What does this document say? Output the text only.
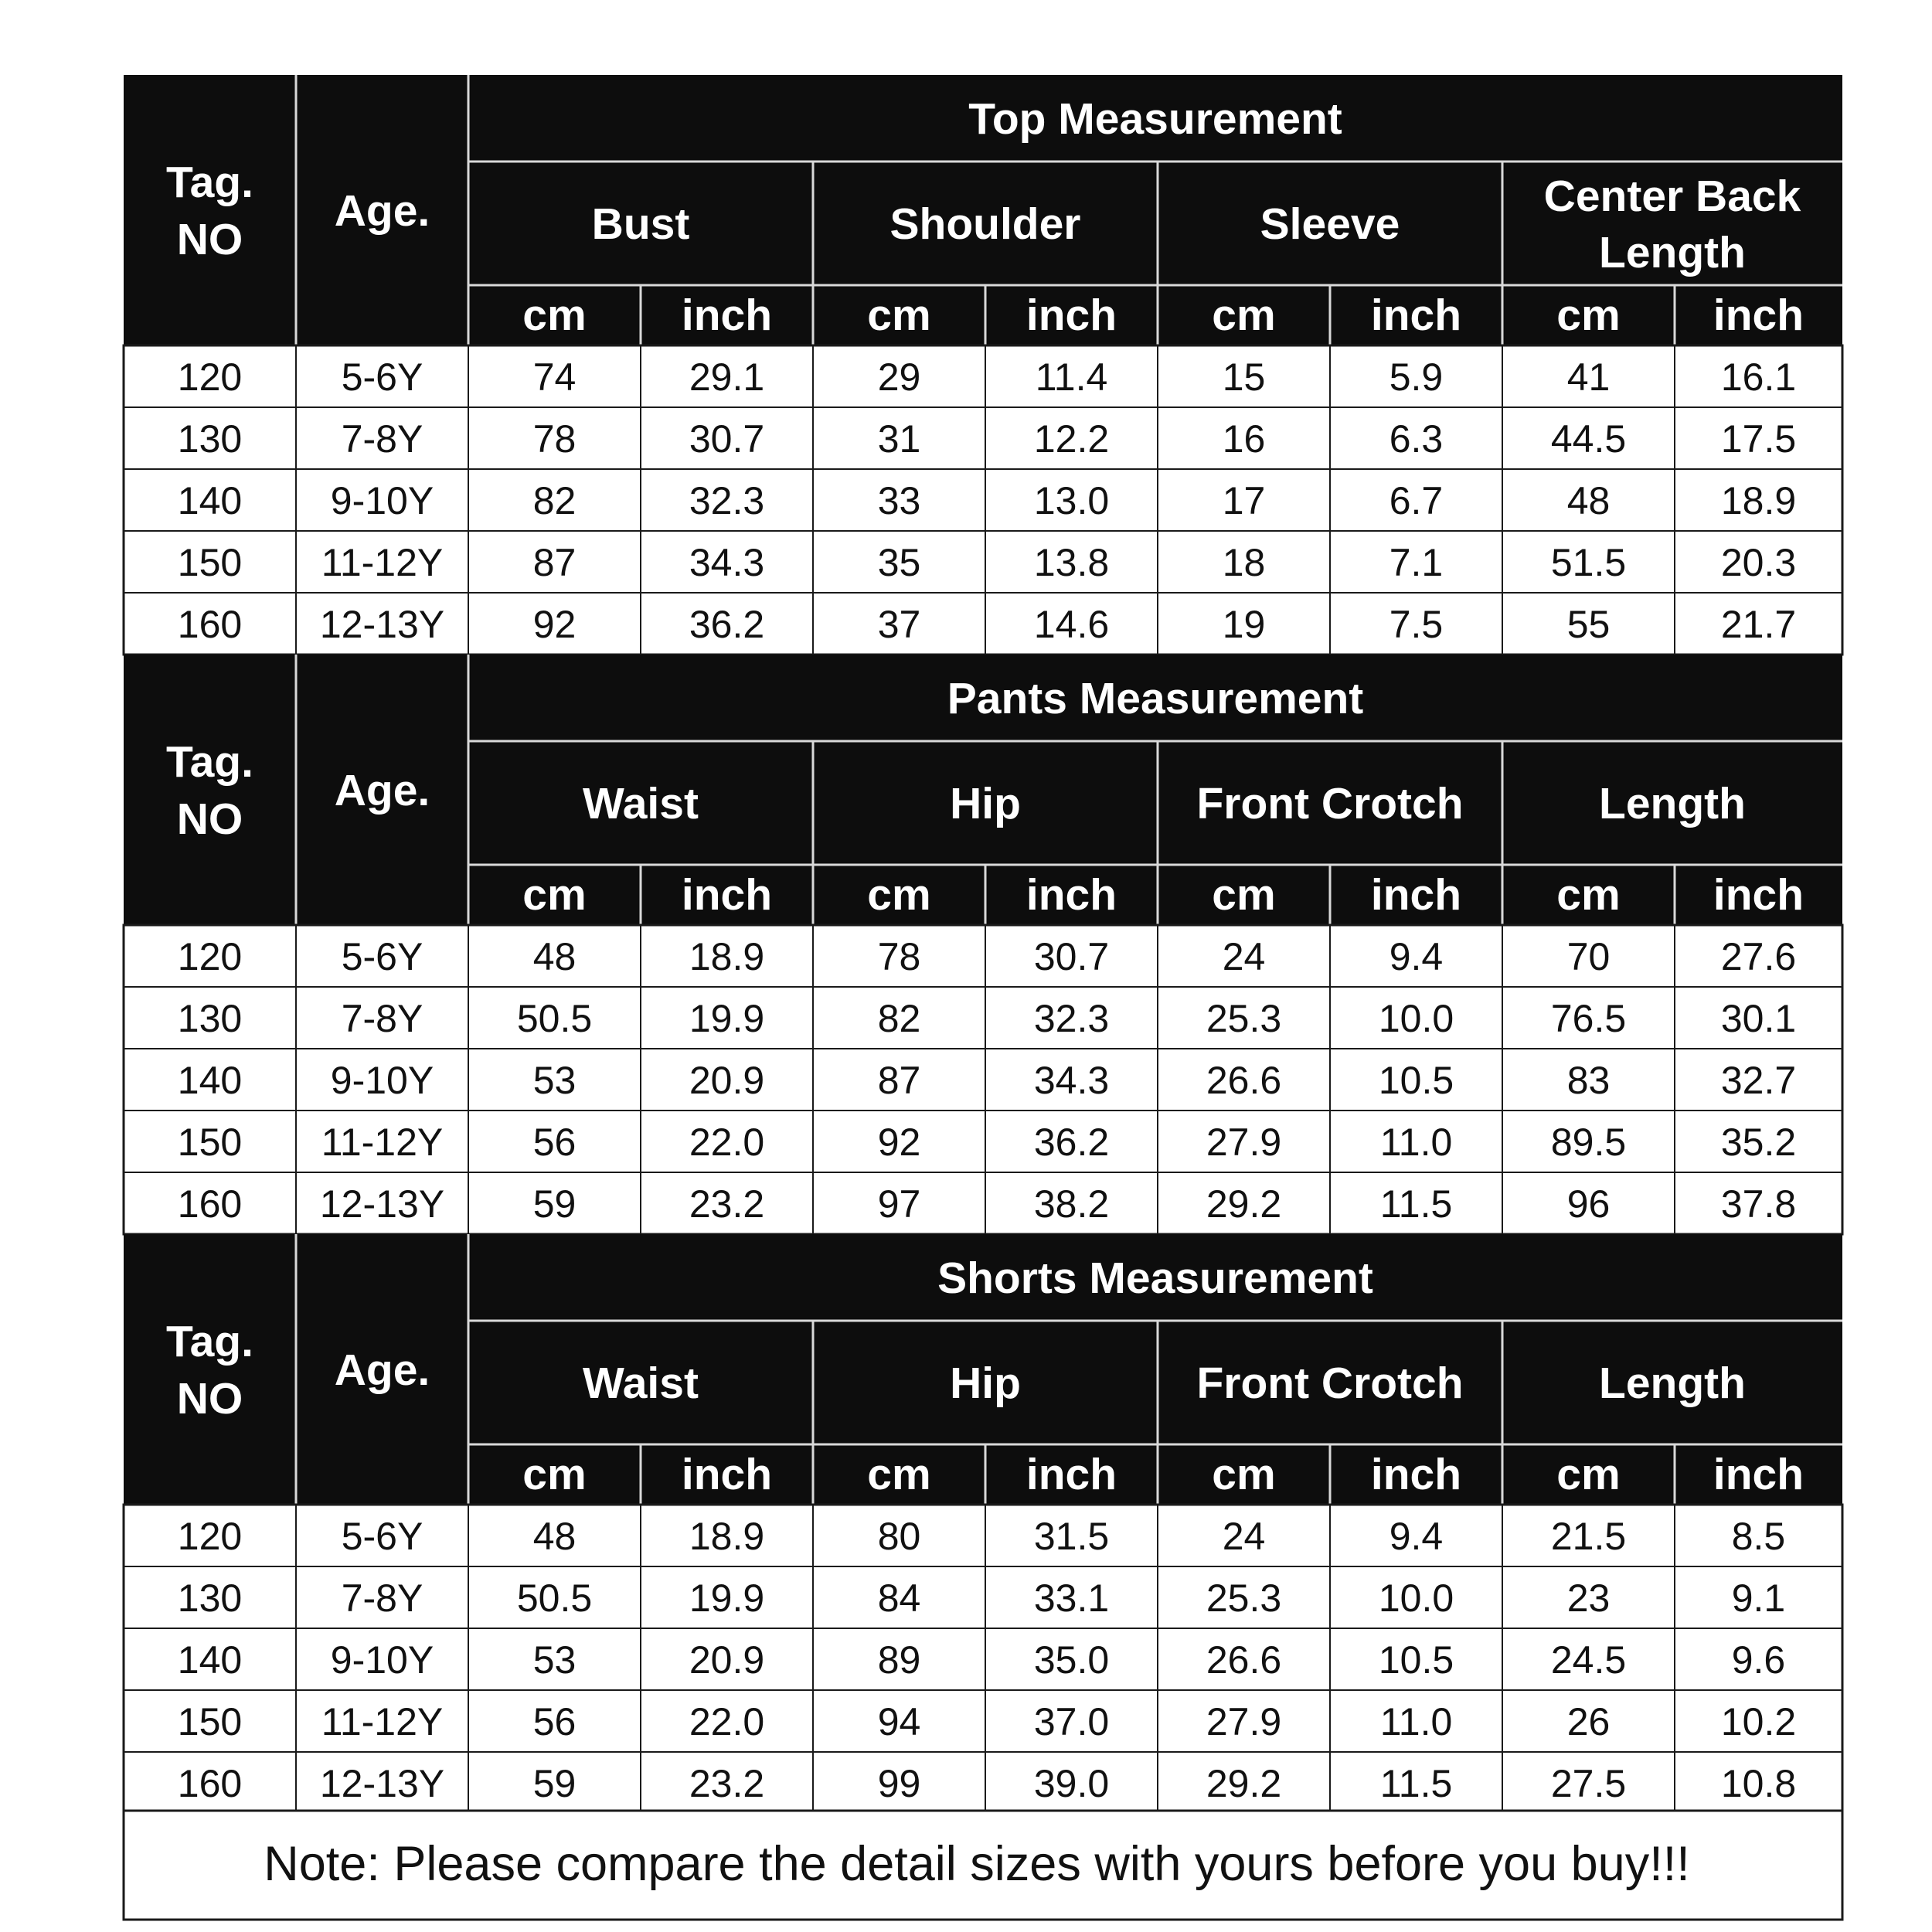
Top Measurement
Tag.
NO
Age.	Bust	Shoulder	Sleeve
Center Back
Length
cm inch cm inch cm inch cm inch
120	5-6Y	74	29.1	29	11.4	15	5.9	41	16.1
130	7-8Y	78	30.7	31	12.2	16	6.3	44.5 17.5
140 9-10Y	82	32.3	33	13.0	17	6.7	48	18.9
150 11-12Y 87	34.3	35	13.8	18	7.1	51.5 20.3
160 12-13Y 92	36.2	37	14.6	19	7.5	55	21.7
Pants Measurement
Tag.
NO
Age.	Waist	Hip	Front Crotch	Length
cm inch cm inch cm inch cm inch
120	5-6Y	48	18.9	78	30.7	24	9.4	70	27.6
130	7-8Y 50.5	19.9	82	32.3	25.3	10.0	76.5 30.1
140 9-10Y	53	20.9	87	34.3	26.6	10.5	83	32.7
150 11-12Y 56	22.0	92	36.2	27.9	11.0	89.5 35.2
160 12-13Y 59	23.2	97	38.2	29.2	11.5	96	37.8
Shorts Measurement
Tag.
NO
Age.	Waist	Hip	Front Crotch	Length
cm inch cm inch cm inch cm inch
120	5-6Y	48	18.9	80	31.5	24	9.4	21.5	8.5
130	7-8Y 50.5	19.9	84	33.1	25.3	10.0	23	9.1
140 9-10Y	53	20.9	89	35.0	26.6	10.5	24.5	9.6
150 11-12Y 56	22.0	94	37.0	27.9	11.0	26	10.2
160 12-13Y 59	23.2	99	39.0	29.2	11.5	27.5 10.8
Note: Please compare the detail sizes with yours before you buy!!!
